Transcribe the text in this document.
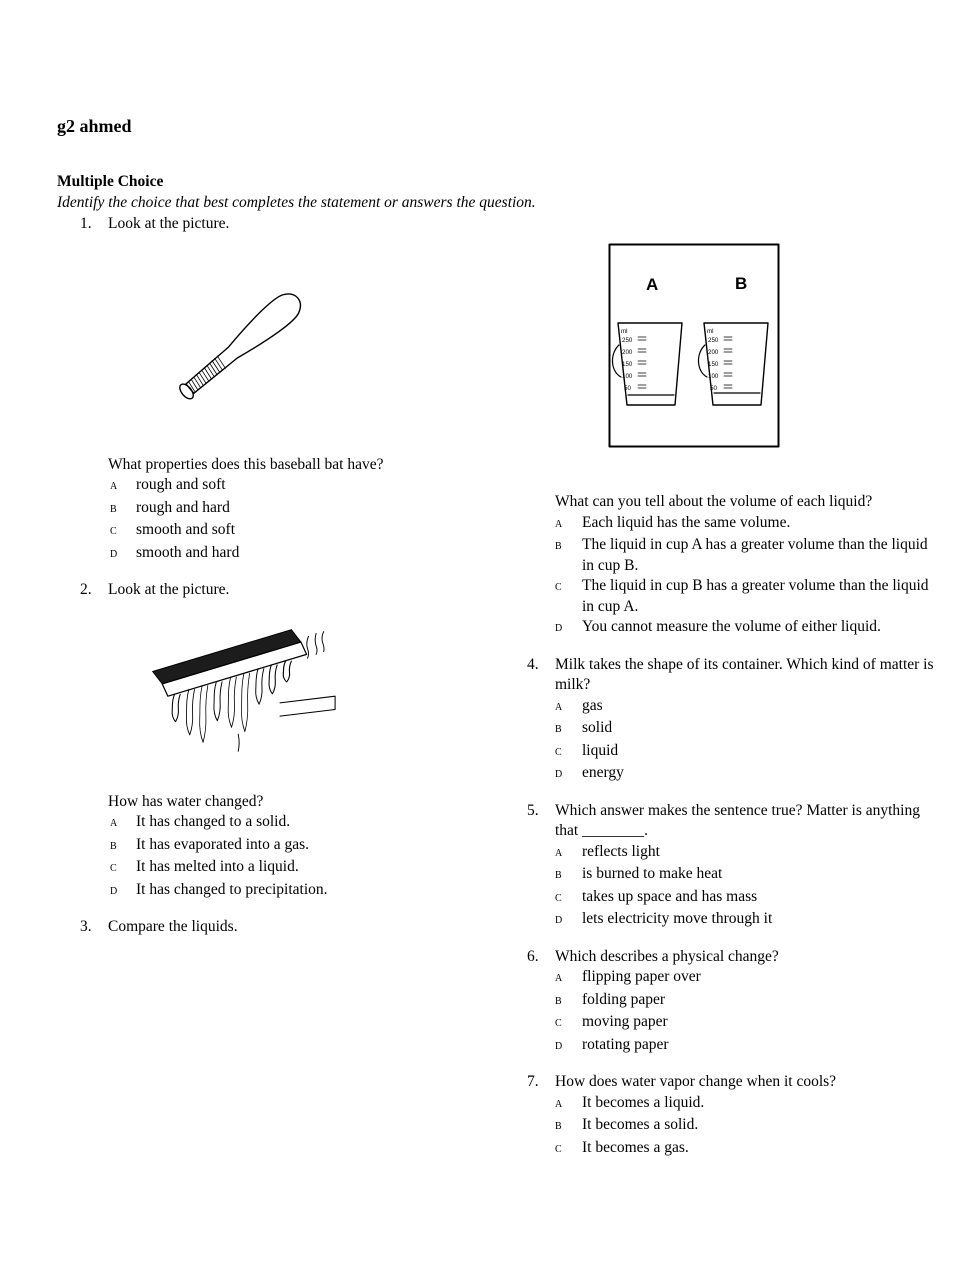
g2 ahmed
Multiple Choice
Identify the choice that best completes the statement or answers the question.
1.	Look at the picture.
What properties does this baseball bat have?
A	rough and soft
B	rough and hard
C	smooth and soft
D	smooth and hard
2.	Look at the picture.
How has water changed?
A	It has changed to a solid.
B	It has evaporated into a gas.
C	It has melted into a liquid.
D	It has changed to precipitation.
3.	Compare the liquids.
A	B
ml
250
200
150
100
50
ml
250
200
150
100
50
What can you tell about the volume of each liquid?
A	Each liquid has the same volume.
B	The liquid in cup A has a greater volume than the liquid in cup B.
C	The liquid in cup B has a greater volume than the liquid in cup A.
D	You cannot measure the volume of either liquid.
4.	Milk takes the shape of its container. Which kind of matter is milk?
A	gas
B	solid
C	liquid
D	energy
5.	Which answer makes the sentence true? Matter is anything that ________.
A	reflects light
B	is burned to make heat
C	takes up space and has mass
D	lets electricity move through it
6.	Which describes a physical change?
A	flipping paper over
B	folding paper
C	moving paper
D	rotating paper
7.	How does water vapor change when it cools?
A	It becomes a liquid.
B	It becomes a solid.
C	It becomes a gas.
